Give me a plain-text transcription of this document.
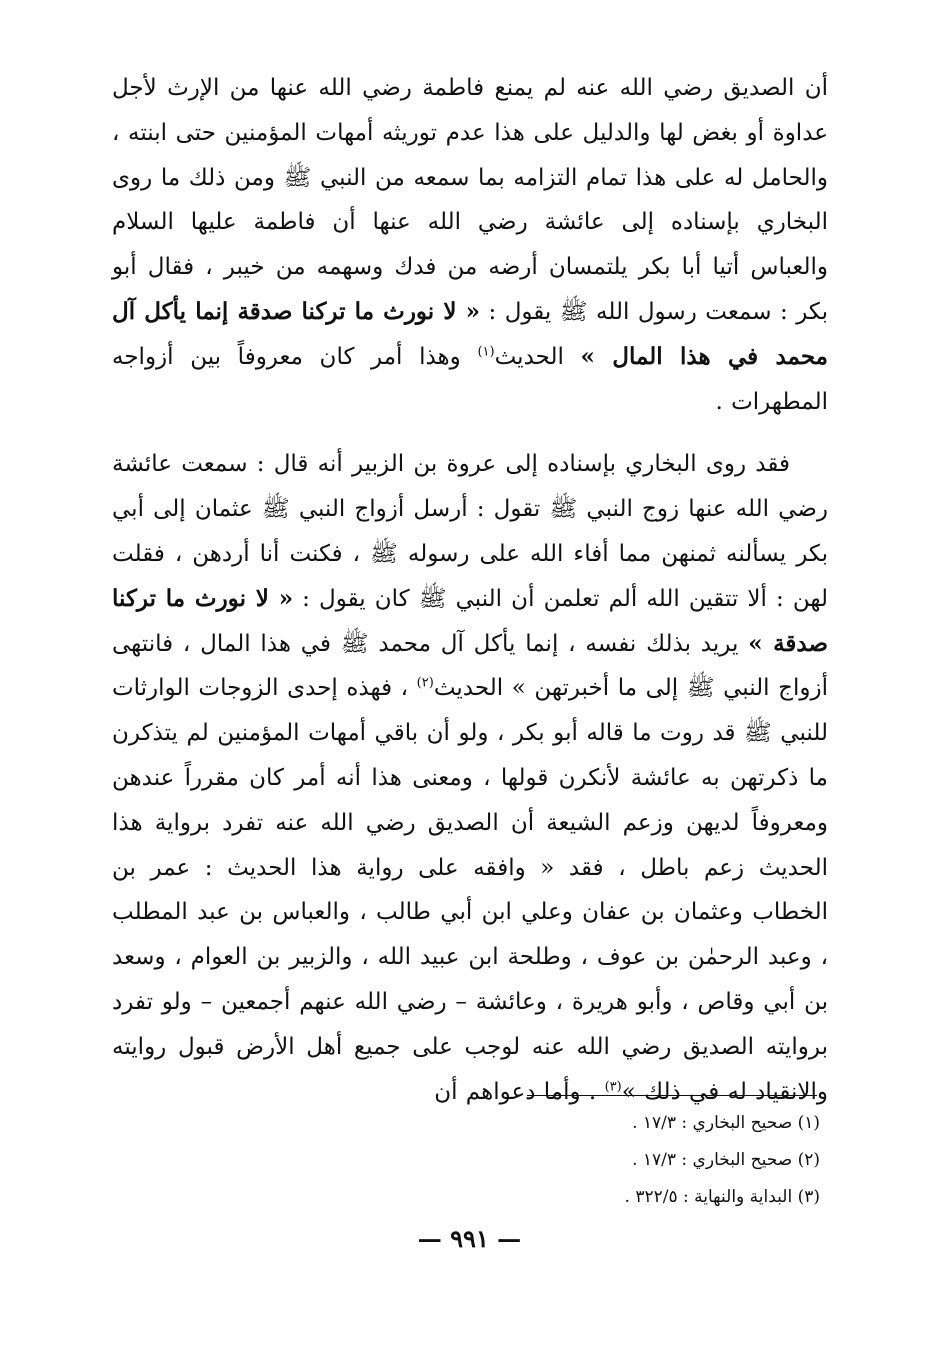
أن الصديق رضي الله عنه لم يمنع فاطمة رضي الله عنها من الإرث لأجل عداوة أو بغض لها والدليل على هذا عدم توريثه أمهات المؤمنين حتى ابنته ، والحامل له على هذا تمام التزامه بما سمعه من النبي ﷺ ومن ذلك ما روى البخاري بإسناده إلى عائشة رضي الله عنها أن فاطمة عليها السلام والعباس أتيا أبا بكر يلتمسان أرضه من فدك وسهمه من خيبر ، فقال أبو بكر : سمعت رسول الله ﷺ يقول : « لا نورث ما تركنا صدقة إنما يأكل آل محمد في هذا المال » الحديث$^{(١)}$ وهذا أمر كان معروفاً بين أزواجه المطهرات .

فقد روى البخاري بإسناده إلى عروة بن الزبير أنه قال : سمعت عائشة رضي الله عنها زوج النبي ﷺ تقول : أرسل أزواج النبي ﷺ عثمان إلى أبي بكر يسألنه ثمنهن مما أفاء الله على رسوله ﷺ ، فكنت أنا أردهن ، فقلت لهن : ألا تتقين الله ألم تعلمن أن النبي ﷺ كان يقول : « لا نورث ما تركنا صدقة » يريد بذلك نفسه ، إنما يأكل آل محمد ﷺ في هذا المال ، فانتهى أزواج النبي ﷺ إلى ما أخبرتهن » الحديث$^{(٢)}$ ، فهذه إحدى الزوجات الوارثات للنبي ﷺ قد روت ما قاله أبو بكر ، ولو أن باقي أمهات المؤمنين لم يتذكرن ما ذكرتهن به عائشة لأنكرن قولها ، ومعنى هذا أنه أمر كان مقرراً عندهن ومعروفاً لديهن وزعم الشيعة أن الصديق رضي الله عنه تفرد برواية هذا الحديث زعم باطل ، فقد « وافقه على رواية هذا الحديث : عمر بن الخطاب وعثمان بن عفان وعلي ابن أبي طالب ، والعباس بن عبد المطلب ، وعبد الرحمٰن بن عوف ، وطلحة ابن عبيد الله ، والزبير بن العوام ، وسعد بن أبي وقاص ، وأبو هريرة ، وعائشة – رضي الله عنهم أجمعين – ولو تفرد بروايته الصديق رضي الله عنه لوجب على جميع أهل الأرض قبول روايته والانقياد له في ذلك »$^{(٣)}$ . وأما دعواهم أن

(١) صحيح البخاري : ١٧/٣ .
(٢) صحيح البخاري : ١٧/٣ .
(٣) البداية والنهاية : ٣٢٢/٥ .
— ٩٩١ —
